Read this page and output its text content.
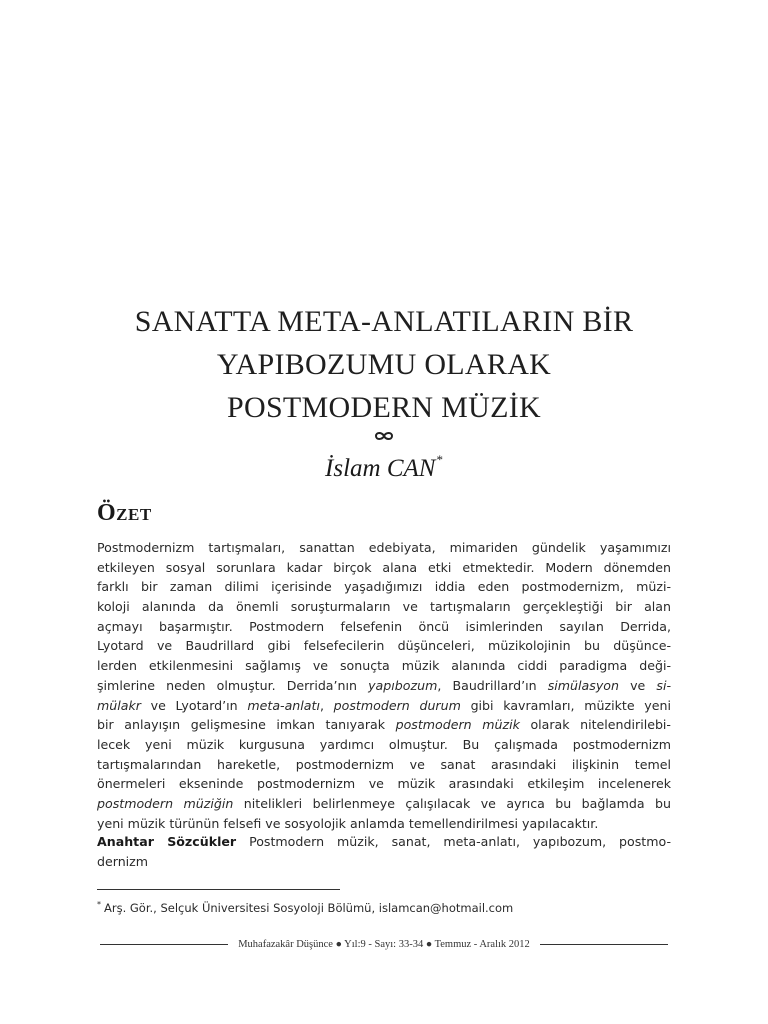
SANATTA META-ANLATILARIN BİR
YAPIBOZUMU OLARAK
POSTMODERN MÜZİK
İslam CAN*
Özet
Postmodernizm tartışmaları, sanattan edebiyata, mimariden gündelik yaşamımızı
etkileyen sosyal sorunlara kadar birçok alana etki etmektedir. Modern dönemden
farklı bir zaman dilimi içerisinde yaşadığımızı iddia eden postmodernizm, müzi-
koloji alanında da önemli soruşturmaların ve tartışmaların gerçekleştiği bir alan
açmayı başarmıştır. Postmodern felsefenin öncü isimlerinden sayılan Derrida,
Lyotard ve Baudrillard gibi felsefecilerin düşünceleri, müzikolojinin bu düşünce-
lerden etkilenmesini sağlamış ve sonuçta müzik alanında ciddi paradigma deği-
şimlerine neden olmuştur. Derrida’nın yapıbozum, Baudrillard’ın simülasyon ve si-
mülakr ve Lyotard’ın meta-anlatı, postmodern durum gibi kavramları, müzikte yeni
bir anlayışın gelişmesine imkan tanıyarak postmodern müzik olarak nitelendirilebi-
lecek yeni müzik kurgusuna yardımcı olmuştur. Bu çalışmada postmodernizm
tartışmalarından hareketle, postmodernizm ve sanat arasındaki ilişkinin temel
önermeleri ekseninde postmodernizm ve müzik arasındaki etkileşim incelenerek
postmodern müziğin nitelikleri belirlenmeye çalışılacak ve ayrıca bu bağlamda bu
yeni müzik türünün felsefi ve sosyolojik anlamda temellendirilmesi yapılacaktır.
Anahtar Sözcükler Postmodern müzik, sanat, meta-anlatı, yapıbozum, postmo-
dernizm
* Arş. Gör., Selçuk Üniversitesi Sosyoloji Bölümü, islamcan@hotmail.com
Muhafazakâr Düşünce ● Yıl:9 - Sayı: 33-34 ● Temmuz - Aralık 2012
